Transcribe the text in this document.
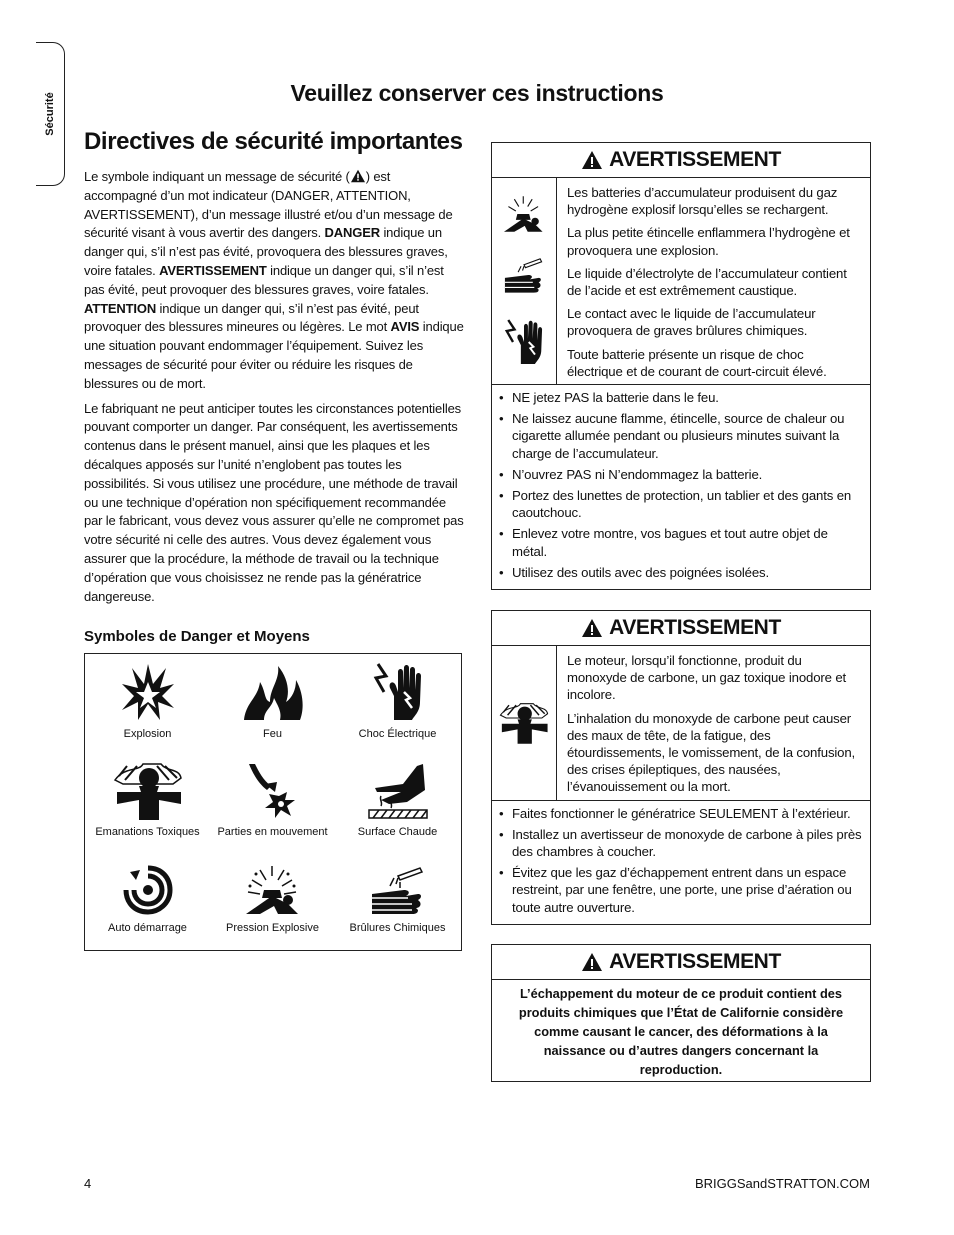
Sécurité	Veuillez conserver ces instructions
Directives de sécurité importantes

Le symbole indiquant un message de sécurité ( ) est accompagné d’un mot indicateur (DANGER, ATTENTION, AVERTISSEMENT), d’un message illustré et/ou d’un message de sécurité visant à vous avertir des dangers. DANGER indique un danger qui, s’il n’est pas évité, provoquera des blessures graves, voire fatales. AVERTISSEMENT indique un danger qui, s’il n’est pas évité, peut provoquer des blessures graves, voire fatales. ATTENTION indique un danger qui, s’il n’est pas évité, peut provoquer des blessures mineures ou légères. Le mot AVIS indique une situation pouvant endommager l’équipement. Suivez les messages de sécurité pour éviter ou réduire les risques de blessures ou de mort.

Le fabriquant ne peut anticiper toutes les circonstances potentielles pouvant comporter un danger. Par conséquent, les avertissements contenus dans le présent manuel, ainsi que les plaques et les décalques apposés sur l’unité n’englobent pas toutes les possibilités. Si vous utilisez une procédure, une méthode de travail ou une technique d’opération non spécifiquement recommandée par le fabricant, vous devez vous assurer qu’elle ne compromet pas votre sécurité ni celle des autres. Vous devez également vous assurer que la procédure, la méthode de travail ou la technique d’opération que vous choisissez ne rende pas la génératrice dangereuse.

Symboles de Danger et Moyens
Explosion	Feu	Choc Électrique
Emanations Toxiques	Parties en mouvement	Surface Chaude
Auto démarrage	Pression Explosive	Brûlures Chimiques
AVERTISSEMENT

Les batteries d’accumulateur produisent du gaz hydrogène explosif lorsqu’elles se rechargent.

La plus petite étincelle enflammera l’hydrogène et provoquera une explosion.

Le liquide d’électrolyte de l’accumulateur contient de l’acide et est extrêmement caustique.

Le contact avec le liquide de l’accumulateur provoquera de graves brûlures chimiques.

Toute batterie présente un risque de choc électrique et de courant de court-circuit élevé.

• NE jetez PAS la batterie dans le feu.
• Ne laissez aucune flamme, étincelle, source de chaleur ou cigarette allumée pendant ou plusieurs minutes suivant la charge de l’accumulateur.
• N’ouvrez PAS ni N’endommagez la batterie.
• Portez des lunettes de protection, un tablier et des gants en caoutchouc.
• Enlevez votre montre, vos bagues et tout autre objet de métal.
• Utilisez des outils avec des poignées isolées.
AVERTISSEMENT

Le moteur, lorsqu’il fonctionne, produit du monoxyde de carbone, un gaz toxique inodore et incolore.

L’inhalation du monoxyde de carbone peut causer des maux de tête, de la fatigue, des étourdissements, le vomissement, de la confusion, des crises épileptiques, des nausées, l’évanouissement ou la mort.

• Faites fonctionner le génératrice SEULEMENT à l’extérieur.
• Installez un avertisseur de monoxyde de carbone à piles près des chambres à coucher.
• Évitez que les gaz d’échappement entrent dans un espace restreint, par une fenêtre, une porte, une prise d’aération ou toute autre ouverture.
AVERTISSEMENT
L’échappement du moteur de ce produit contient des produits chimiques que l’État de Californie considère comme causant le cancer, des déformations à la naissance ou d’autres dangers concernant la reproduction.
4	BRIGGSandSTRATTON.COM
